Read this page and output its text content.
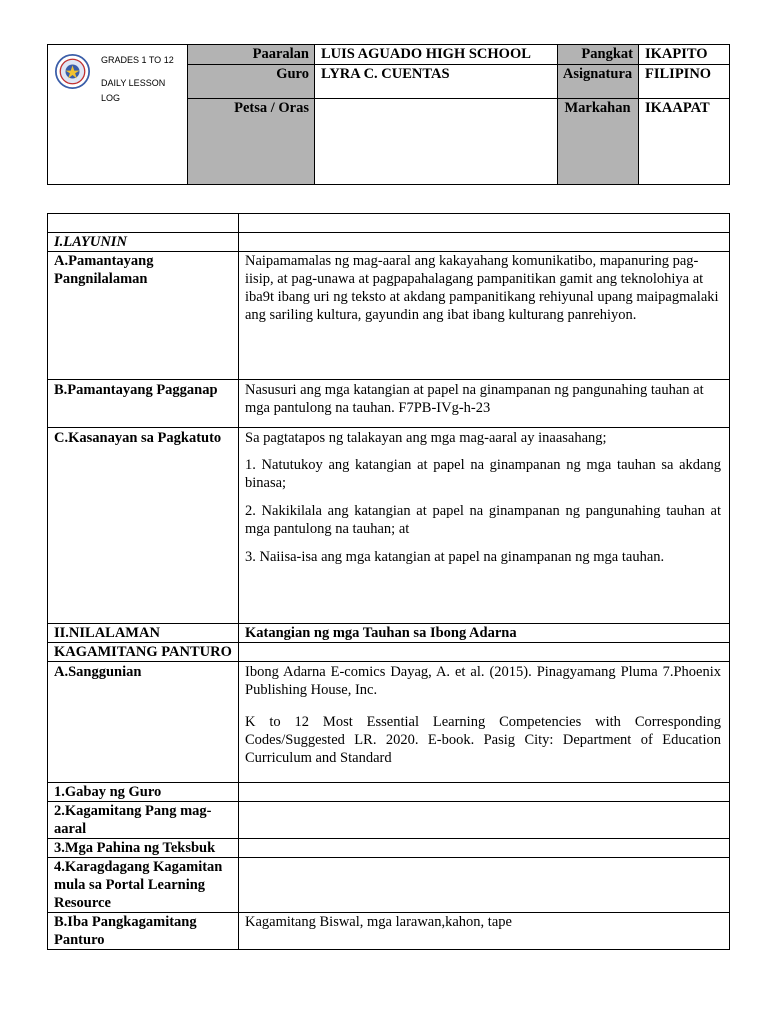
GRADES 1 TO 12
DAILY LESSON LOG	Paaralan	LUIS AGUADO HIGH SCHOOL	Pangkat	IKAPITO
	Guro	LYRA C. CUENTAS	Asignatura	FILIPINO
	Petsa / Oras		Markahan	IKAAPAT

I.LAYUNIN	
A.Pamantayang Pangnilalaman	Naipamamalas ng mag-aaral ang kakayahang komunikatibo, mapanuring pag-iisip, at pag-unawa at pagpapahalagang pampanitikan gamit ang teknolohiya at iba9t ibang uri ng teksto at akdang pampanitikang rehiyunal upang maipagmalaki ang sariling kultura, gayundin ang ibat ibang kulturang panrehiyon.
B.Pamantayang Pagganap	Nasusuri ang mga katangian at papel na ginampanan ng pangunahing tauhan at mga pantulong na tauhan. F7PB-IVg-h-23
C.Kasanayan sa Pagkatuto	Sa pagtatapos ng talakayan ang mga mag-aaral ay inaasahang;

1. Natutukoy ang katangian at papel na ginampanan ng mga tauhan sa akdang binasa;

2. Nakikilala ang katangian at papel na ginampanan ng pangunahing tauhan at mga pantulong na tauhan; at

3. Naiisa-isa ang mga katangian at papel na ginampanan ng mga tauhan.

II.NILALAMAN	Katangian ng mga Tauhan sa Ibong Adarna
KAGAMITANG PANTURO	
A.Sanggunian	Ibong Adarna E-comics Dayag, A. et al. (2015). Pinagyamang Pluma 7.Phoenix Publishing House, Inc.

K to 12 Most Essential Learning Competencies with Corresponding Codes/Suggested LR. 2020. E-book. Pasig City: Department of Education Curriculum and Standard

1.Gabay ng Guro	
2.Kagamitang Pang mag-aaral	
3.Mga Pahina ng Teksbuk	
4.Karagdagang Kagamitan mula sa Portal Learning Resource	
B.Iba Pangkagamitang Panturo	Kagamitang Biswal, mga larawan,kahon, tape
